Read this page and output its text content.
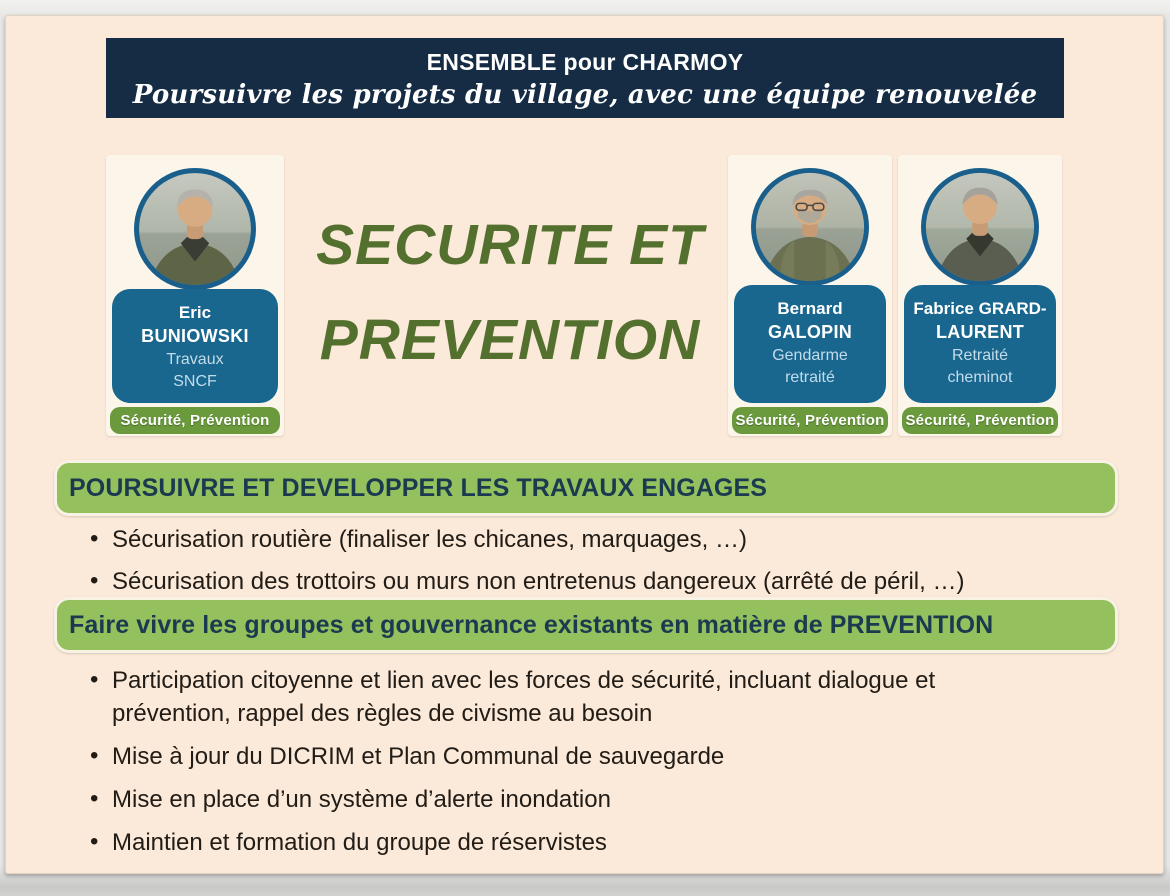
ENSEMBLE pour CHARMOY
Poursuivre les projets du village, avec une équipe renouvelée
SECURITE ET
PREVENTION
Eric
BUNIOWSKI
Travaux
SNCF
Sécurité, Prévention
Bernard
GALOPIN
Gendarme
retraité
Sécurité, Prévention
Fabrice GRARD-
LAURENT
Retraité
cheminot
Sécurité, Prévention
POURSUIVRE ET DEVELOPPER LES TRAVAUX ENGAGES
• Sécurisation routière (finaliser les chicanes, marquages, …)
• Sécurisation des trottoirs ou murs non entretenus dangereux (arrêté de péril, …)
Faire vivre les groupes et gouvernance existants en matière de PREVENTION
• Participation citoyenne et lien avec les forces de sécurité, incluant dialogue et prévention, rappel des règles de civisme au besoin
• Mise à jour du DICRIM et Plan Communal de sauvegarde
• Mise en place d’un système d’alerte inondation
• Maintien et formation du groupe de réservistes
